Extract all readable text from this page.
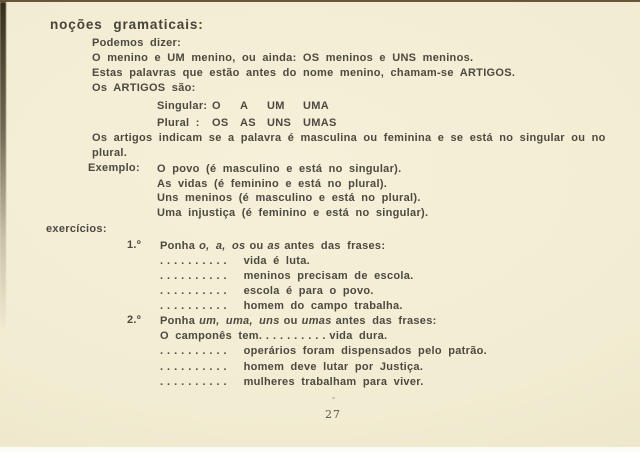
noções gramaticais:
Podemos dizer:
O menino e UM menino, ou ainda: OS meninos e UNS meninos.
Estas palavras que estão antes do nome menino, chamam-se ARTIGOS.
Os ARTIGOS são:
Singular: O A UM UMA
Plural : OS AS UNS UMAS
Os artigos indicam se a palavra é masculina ou feminina e se está no singular ou no
plural.
Exemplo: O povo (é masculino e está no singular).
As vidas (é feminino e está no plural).
Uns meninos (é masculino e está no plural).
Uma injustiça (é feminino e está no singular).
exercícios:
1.º Ponha o, a, os ou as antes das frases:
.......... vida é luta.
.......... meninos precisam de escola.
.......... escola é para o povo.
.......... homem do campo trabalha.
2.º Ponha um, uma, uns ou umas antes das frases:
O camponês tem..........vida dura.
.......... operários foram dispensados pelo patrão.
.......... homem deve lutar por Justiça.
.......... mulheres trabalham para viver.
27
